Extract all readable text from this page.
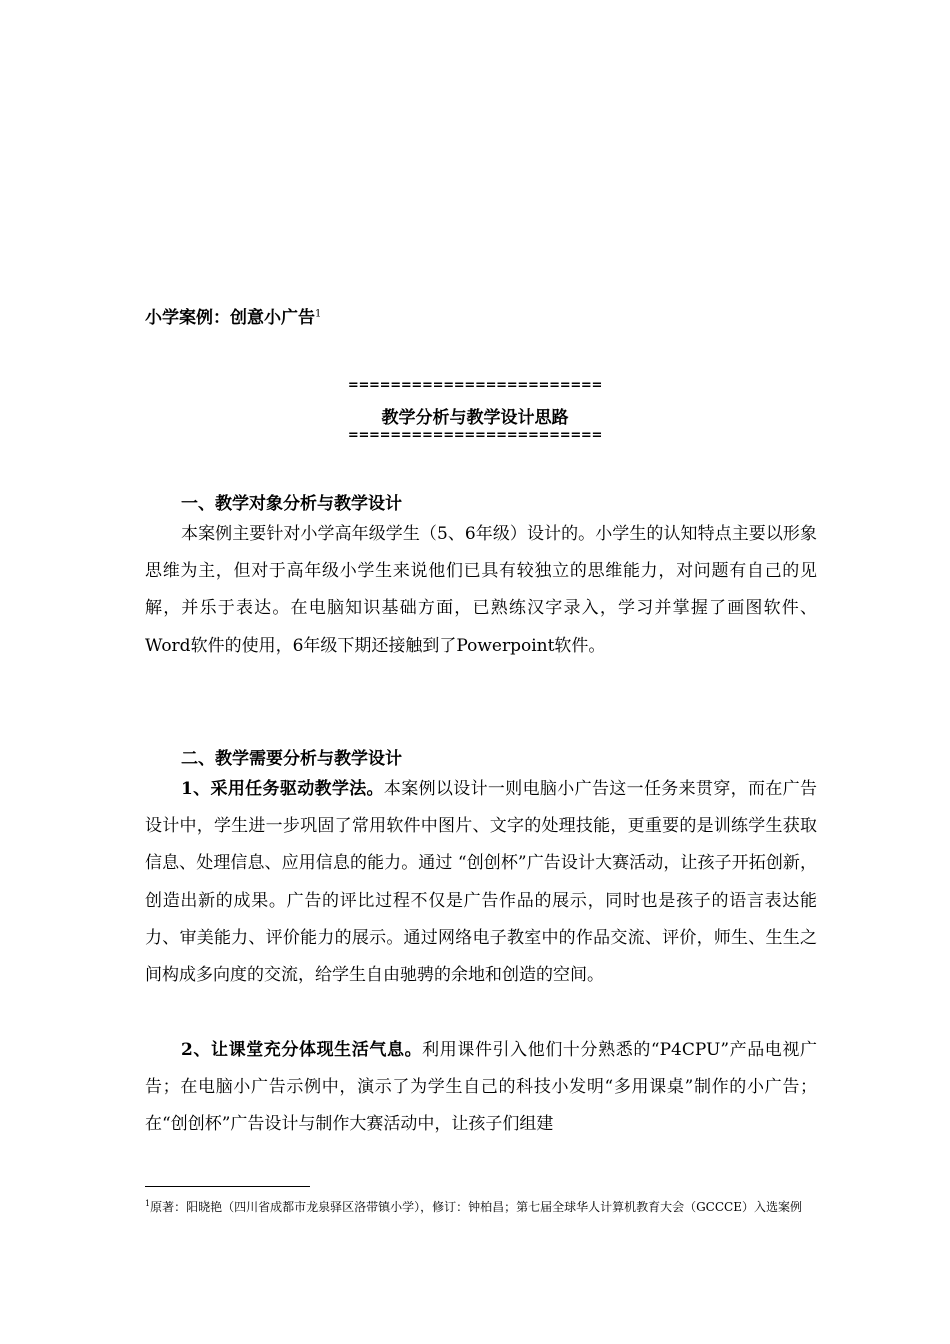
小学案例：创意小广告$^1$
========================
教学分析与教学设计思路
========================
一、教学对象分析与教学设计
本案例主要针对小学高年级学生（5、6年级）设计的。小学生的认知特点主要以形象思维为主，但对于高年级小学生来说他们已具有较独立的思维能力，对问题有自己的见解，并乐于表达。在电脑知识基础方面，已熟练汉字录入，学习并掌握了画图软件、Word软件的使用，6年级下期还接触到了Powerpoint软件。
二、教学需要分析与教学设计
1、采用任务驱动教学法。本案例以设计一则电脑小广告这一任务来贯穿，而在广告设计中，学生进一步巩固了常用软件中图片、文字的处理技能，更重要的是训练学生获取信息、处理信息、应用信息的能力。通过 “创创杯”广告设计大赛活动，让孩子开拓创新，创造出新的成果。广告的评比过程不仅是广告作品的展示，同时也是孩子的语言表达能力、审美能力、评价能力的展示。通过网络电子教室中的作品交流、评价，师生、生生之间构成多向度的交流，给学生自由驰骋的余地和创造的空间。
2、让课堂充分体现生活气息。利用课件引入他们十分熟悉的“P4CPU”产品电视广告；在电脑小广告示例中，演示了为学生自己的科技小发明“多用课桌”制作的小广告；在“创创杯”广告设计与制作大赛活动中，让孩子们组建
$^1$原著：阳晓艳（四川省成都市龙泉驿区洛带镇小学），修订：钟柏昌；第七届全球华人计算机教育大会（GCCCE）入选案例
